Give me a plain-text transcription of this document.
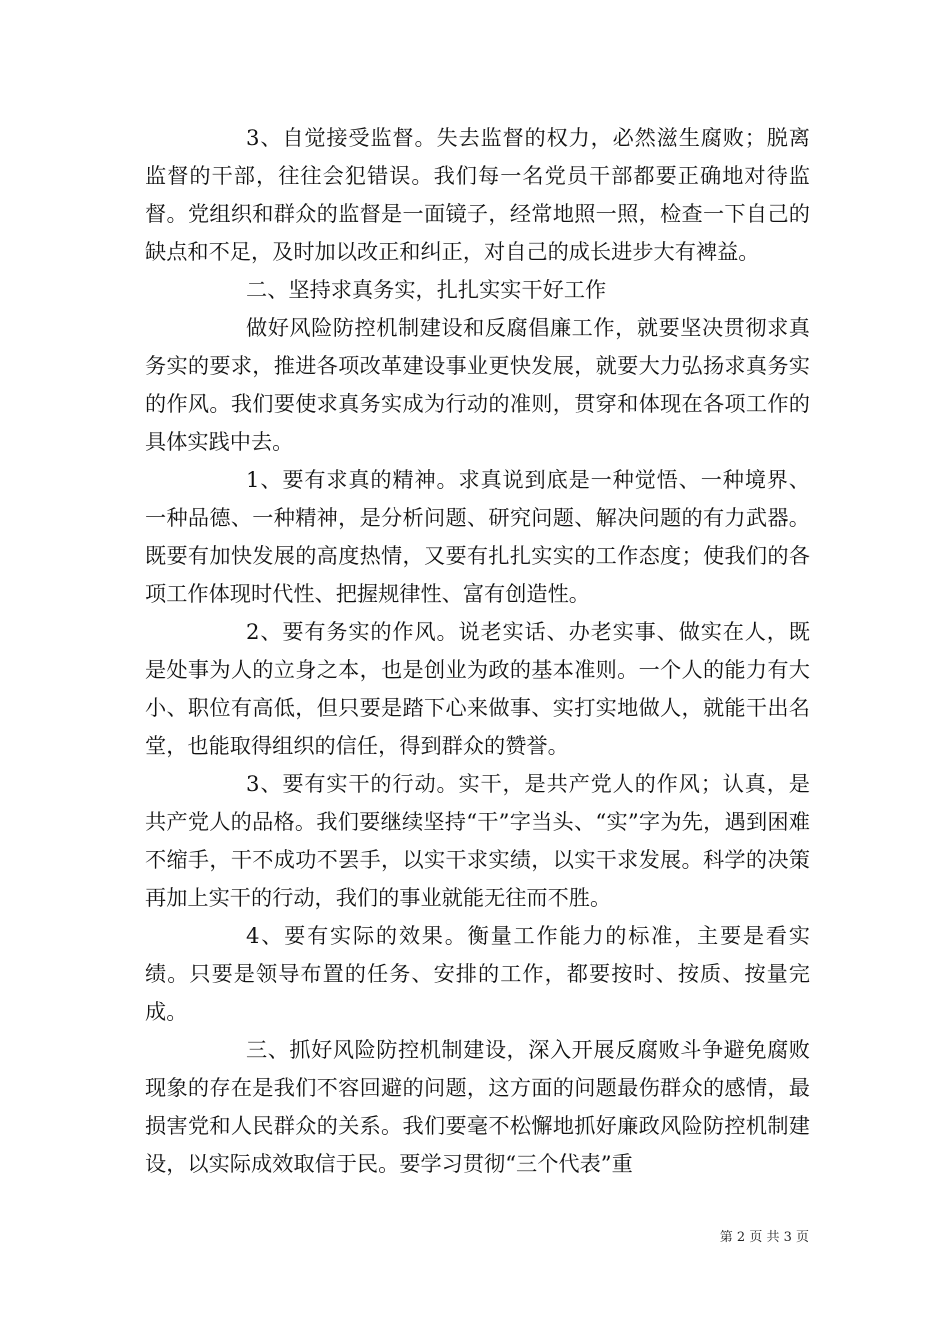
3、自觉接受监督。失去监督的权力，必然滋生腐败；脱离监督的干部，往往会犯错误。我们每一名党员干部都要正确地对待监督。党组织和群众的监督是一面镜子，经常地照一照，检查一下自己的缺点和不足，及时加以改正和纠正，对自己的成长进步大有裨益。

二、坚持求真务实，扎扎实实干好工作

做好风险防控机制建设和反腐倡廉工作，就要坚决贯彻求真务实的要求，推进各项改革建设事业更快发展，就要大力弘扬求真务实的作风。我们要使求真务实成为行动的准则，贯穿和体现在各项工作的具体实践中去。

1、要有求真的精神。求真说到底是一种觉悟、一种境界、一种品德、一种精神，是分析问题、研究问题、解决问题的有力武器。既要有加快发展的高度热情，又要有扎扎实实的工作态度；使我们的各项工作体现时代性、把握规律性、富有创造性。

2、要有务实的作风。说老实话、办老实事、做实在人，既是处事为人的立身之本，也是创业为政的基本准则。一个人的能力有大小、职位有高低，但只要是踏下心来做事、实打实地做人，就能干出名堂，也能取得组织的信任，得到群众的赞誉。

3、要有实干的行动。实干，是共产党人的作风；认真，是共产党人的品格。我们要继续坚持“干”字当头、“实”字为先，遇到困难不缩手，干不成功不罢手，以实干求实绩，以实干求发展。科学的决策再加上实干的行动，我们的事业就能无往而不胜。

4、要有实际的效果。衡量工作能力的标准，主要是看实绩。只要是领导布置的任务、安排的工作，都要按时、按质、按量完成。

三、抓好风险防控机制建设，深入开展反腐败斗争避免腐败现象的存在是我们不容回避的问题，这方面的问题最伤群众的感情，最损害党和人民群众的关系。我们要毫不松懈地抓好廉政风险防控机制建设，以实际成效取信于民。要学习贯彻“三个代表”重

第 2 页 共 3 页
